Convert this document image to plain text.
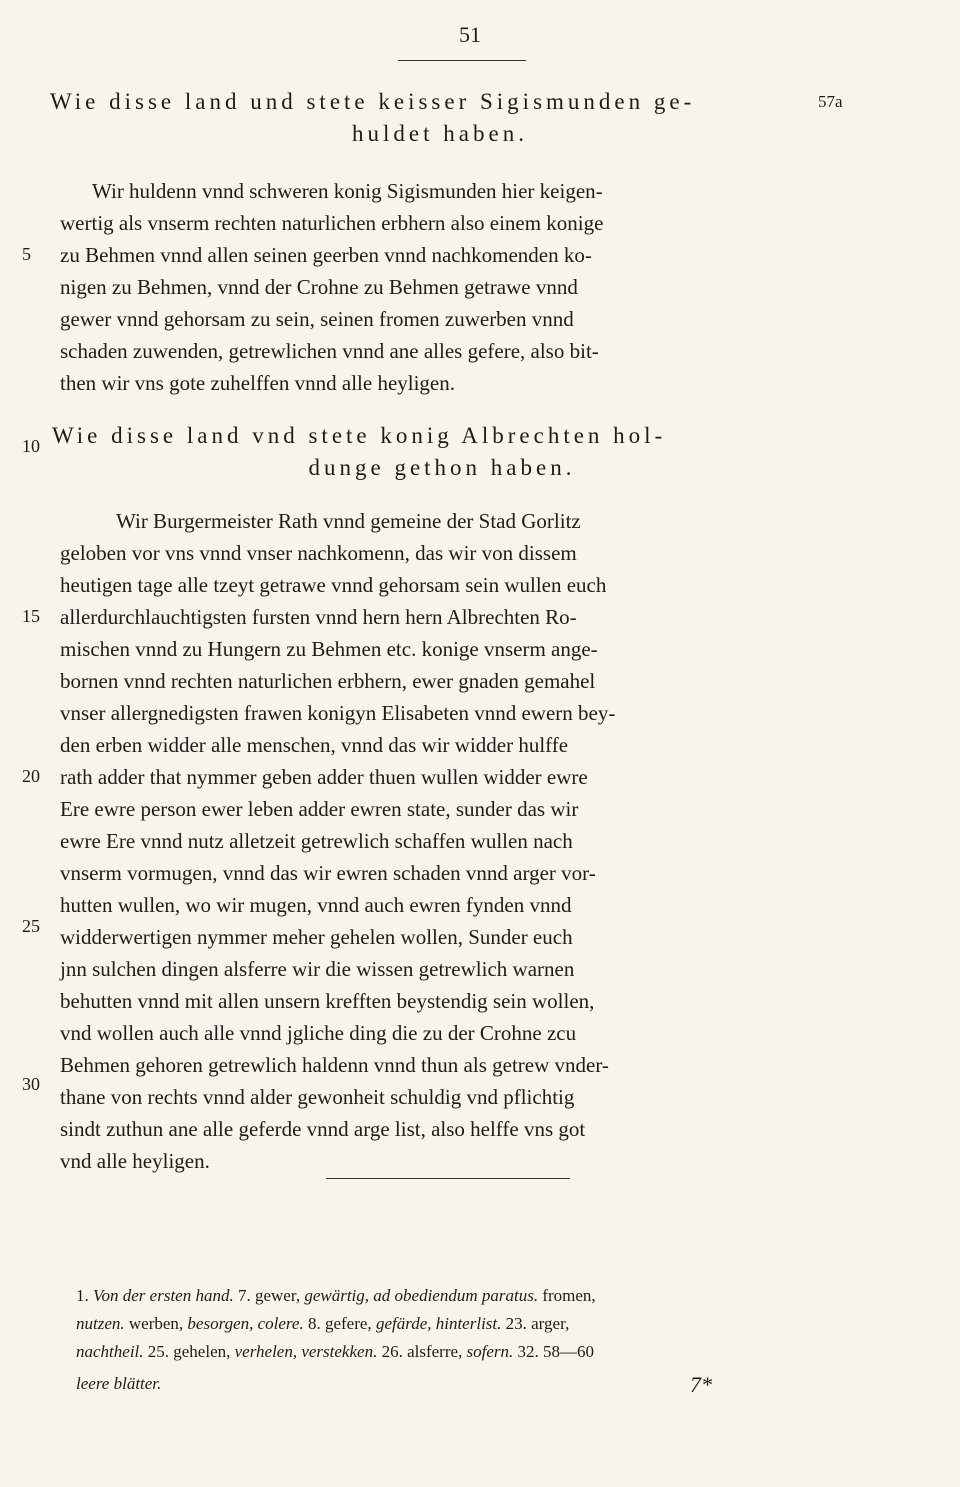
51
Wie disse land und stete keisser Sigismunden ge-
huldet haben.
57a
Wir huldenn vnnd schweren konig Sigismunden hier keigen-
wertig als vnserm rechten naturlichen erbhern also einem konige
zu Behmen vnnd allen seinen geerben vnnd nachkomenden ko-
nigen zu Behmen, vnnd der Crohne zu Behmen getrawe vnnd
gewer vnnd gehorsam zu sein, seinen fromen zuwerben vnnd
schaden zuwenden, getrewlichen vnnd ane alles gefere, also bit-
then wir vns gote zuhelffen vnnd alle heyligen.
5
10
15
20
25
30
Wie disse land vnd stete konig Albrechten hol-
dunge gethon haben.
Wir Burgermeister Rath vnnd gemeine der Stad Gorlitz
geloben vor vns vnnd vnser nachkomenn, das wir von dissem
heutigen tage alle tzeyt getrawe vnnd gehorsam sein wullen euch
allerdurchlauchtigsten fursten vnnd hern hern Albrechten Ro-
mischen vnnd zu Hungern zu Behmen etc. konige vnserm ange-
bornen vnnd rechten naturlichen erbhern, ewer gnaden gemahel
vnser allergnedigsten frawen konigyn Elisabeten vnnd ewern bey-
den erben widder alle menschen, vnnd das wir widder hulffe
rath adder that nymmer geben adder thuen wullen widder ewre
Ere ewre person ewer leben adder ewren state, sunder das wir
ewre Ere vnnd nutz alletzeit getrewlich schaffen wullen nach
vnserm vormugen, vnnd das wir ewren schaden vnnd arger vor-
hutten wullen, wo wir mugen, vnnd auch ewren fynden vnnd
widderwertigen nymmer meher gehelen wollen, Sunder euch
jnn sulchen dingen alsferre wir die wissen getrewlich warnen
behutten vnnd mit allen unsern krefften beystendig sein wollen,
vnd wollen auch alle vnnd jgliche ding die zu der Crohne zcu
Behmen gehoren getrewlich haldenn vnnd thun als getrew vnder-
thane von rechts vnnd alder gewonheit schuldig vnd pflichtig
sindt zuthun ane alle geferde vnnd arge list, also helffe vns got
vnd alle heyligen.
1. Von der ersten hand. 7. gewer, gewärtig, ad obediendum paratus. fromen,
nutzen. werben, besorgen, colere. 8. gefere, gefärde, hinterlist. 23. arger,
nachtheil. 25. gehelen, verhelen, verstekken. 26. alsferre, sofern. 32. 58—60
leere blätter.	7*
